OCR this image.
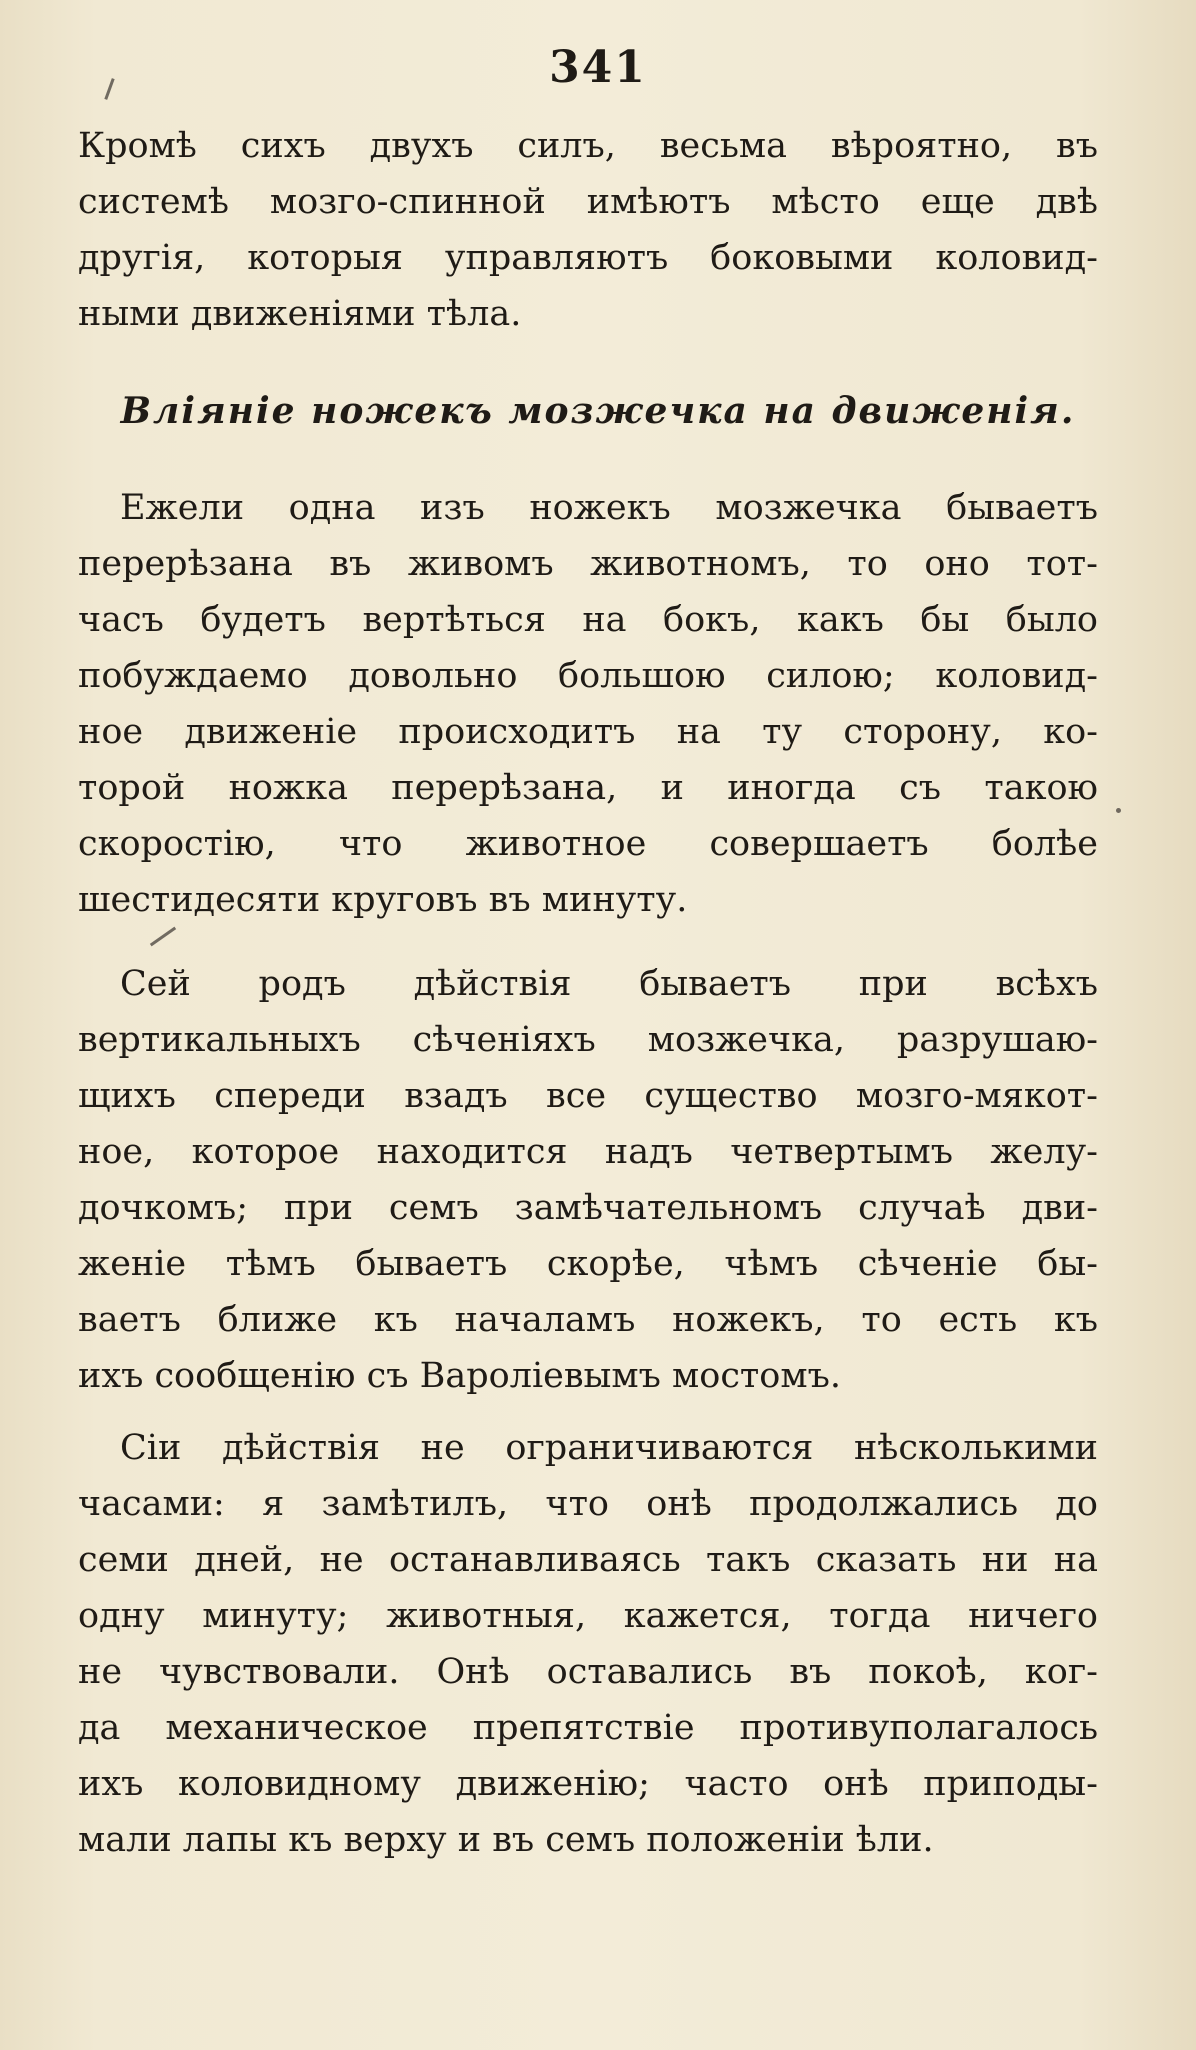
341
Кромѣ сихъ двухъ силъ, весьма вѣроятно, въ
системѣ мозго-спинной имѣютъ мѣсто еще двѣ
другія, которыя управляютъ боковыми коловид-
ными движеніями тѣла.
Вліяніе ножекъ мозжечка на движенія.
Ежели одна изъ ножекъ мозжечка бываетъ
перерѣзана въ живомъ животномъ, то оно тот-
часъ будетъ вертѣться на бокъ, какъ бы было
побуждаемо довольно большою силою; коловид-
ное движеніе происходитъ на ту сторону, ко-
торой ножка перерѣзана, и иногда съ такою
скоростію, что животное совершаетъ болѣе
шестидесяти круговъ въ минуту.
Сей родъ дѣйствія бываетъ при всѣхъ
вертикальныхъ сѣченіяхъ мозжечка, разрушаю-
щихъ спереди взадъ все существо мозго-мякот-
ное, которое находится надъ четвертымъ желу-
дочкомъ; при семъ замѣчательномъ случаѣ дви-
женіе тѣмъ бываетъ скорѣе, чѣмъ сѣченіе бы-
ваетъ ближе къ началамъ ножекъ, то есть къ
ихъ сообщенію съ Вароліевымъ мостомъ.
Сіи дѣйствія не ограничиваются нѣсколькими
часами: я замѣтилъ, что онѣ продолжались до
семи дней, не останавливаясь такъ сказать ни на
одну минуту; животныя, кажется, тогда ничего
не чувствовали. Онѣ оставались въ покоѣ, ког-
да механическое препятствіе противуполагалось
ихъ коловидному движенію; часто онѣ приподы-
мали лапы къ верху и въ семъ положеніи ѣли.
